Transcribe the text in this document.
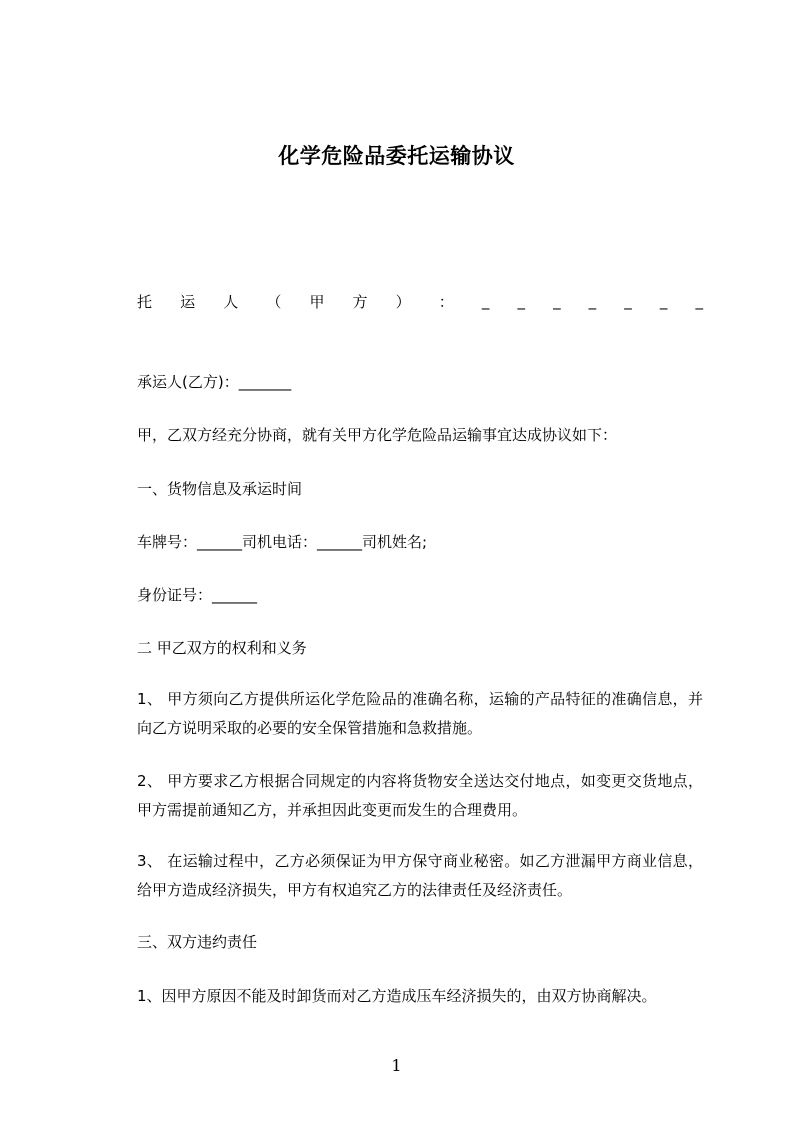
化学危险品委托运输协议
托 运 人 （ 甲 方 ） ： _ _ _ _ _ _ _
承运人(乙方)：_______
甲，乙双方经充分协商，就有关甲方化学危险品运输事宜达成协议如下：
一、货物信息及承运时间
车牌号：______司机电话：______司机姓名;
身份证号：______
二 甲乙双方的权利和义务
1、 甲方须向乙方提供所运化学危险品的准确名称，运输的产品特征的准确信息，并向乙方说明采取的必要的安全保管措施和急救措施。
2、 甲方要求乙方根据合同规定的内容将货物安全送达交付地点，如变更交货地点，甲方需提前通知乙方，并承担因此变更而发生的合理费用。
3、 在运输过程中，乙方必须保证为甲方保守商业秘密。如乙方泄漏甲方商业信息，给甲方造成经济损失，甲方有权追究乙方的法律责任及经济责任。
三、双方违约责任
1、因甲方原因不能及时卸货而对乙方造成压车经济损失的，由双方协商解决。
1
